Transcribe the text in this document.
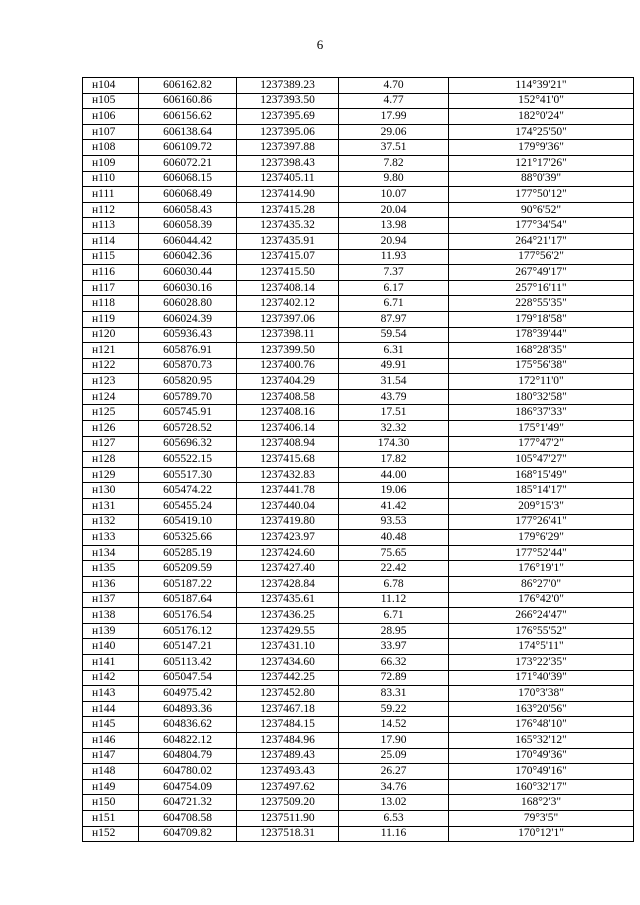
6
н104	606162.82	1237389.23	4.70	114°39'21"
н105	606160.86	1237393.50	4.77	152°41'0"
н106	606156.62	1237395.69	17.99	182°0'24"
н107	606138.64	1237395.06	29.06	174°25'50"
н108	606109.72	1237397.88	37.51	179°9'36"
н109	606072.21	1237398.43	7.82	121°17'26"
н110	606068.15	1237405.11	9.80	88°0'39"
н111	606068.49	1237414.90	10.07	177°50'12"
н112	606058.43	1237415.28	20.04	90°6'52"
н113	606058.39	1237435.32	13.98	177°34'54"
н114	606044.42	1237435.91	20.94	264°21'17"
н115	606042.36	1237415.07	11.93	177°56'2"
н116	606030.44	1237415.50	7.37	267°49'17"
н117	606030.16	1237408.14	6.17	257°16'11"
н118	606028.80	1237402.12	6.71	228°55'35"
н119	606024.39	1237397.06	87.97	179°18'58"
н120	605936.43	1237398.11	59.54	178°39'44"
н121	605876.91	1237399.50	6.31	168°28'35"
н122	605870.73	1237400.76	49.91	175°56'38"
н123	605820.95	1237404.29	31.54	172°11'0"
н124	605789.70	1237408.58	43.79	180°32'58"
н125	605745.91	1237408.16	17.51	186°37'33"
н126	605728.52	1237406.14	32.32	175°1'49"
н127	605696.32	1237408.94	174.30	177°47'2"
н128	605522.15	1237415.68	17.82	105°47'27"
н129	605517.30	1237432.83	44.00	168°15'49"
н130	605474.22	1237441.78	19.06	185°14'17"
н131	605455.24	1237440.04	41.42	209°15'3"
н132	605419.10	1237419.80	93.53	177°26'41"
н133	605325.66	1237423.97	40.48	179°6'29"
н134	605285.19	1237424.60	75.65	177°52'44"
н135	605209.59	1237427.40	22.42	176°19'1"
н136	605187.22	1237428.84	6.78	86°27'0"
н137	605187.64	1237435.61	11.12	176°42'0"
н138	605176.54	1237436.25	6.71	266°24'47"
н139	605176.12	1237429.55	28.95	176°55'52"
н140	605147.21	1237431.10	33.97	174°5'11"
н141	605113.42	1237434.60	66.32	173°22'35"
н142	605047.54	1237442.25	72.89	171°40'39"
н143	604975.42	1237452.80	83.31	170°3'38"
н144	604893.36	1237467.18	59.22	163°20'56"
н145	604836.62	1237484.15	14.52	176°48'10"
н146	604822.12	1237484.96	17.90	165°32'12"
н147	604804.79	1237489.43	25.09	170°49'36"
н148	604780.02	1237493.43	26.27	170°49'16"
н149	604754.09	1237497.62	34.76	160°32'17"
н150	604721.32	1237509.20	13.02	168°2'3"
н151	604708.58	1237511.90	6.53	79°3'5"
н152	604709.82	1237518.31	11.16	170°12'1"
